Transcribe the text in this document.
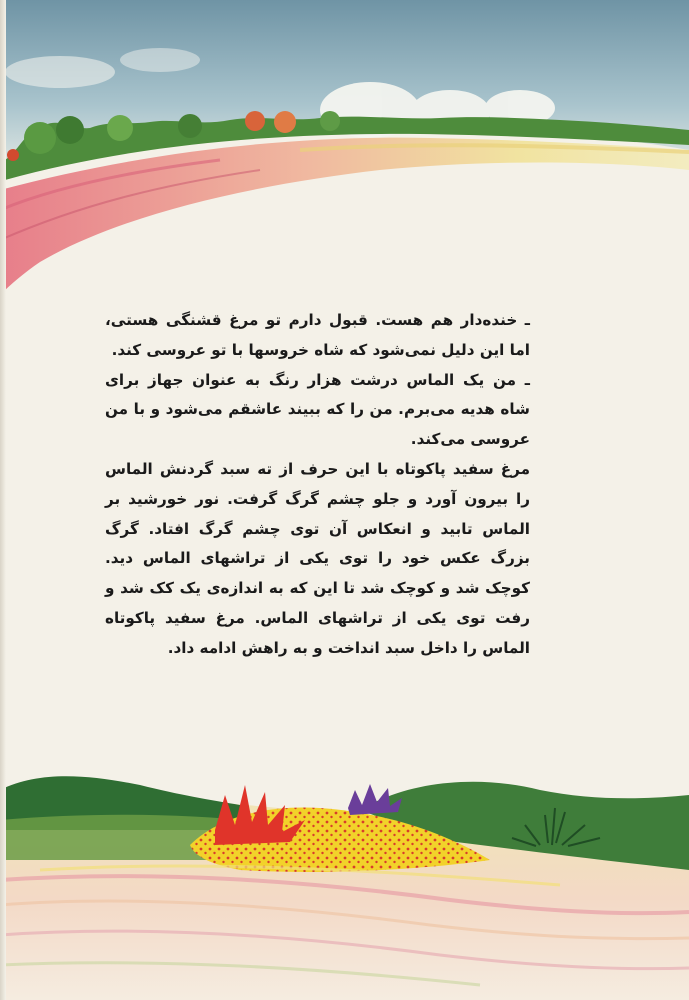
ـ خنده‌دار هم هست. قبول دارم تو مرغ قشنگی هستی، اما این دلیل نمی‌شود که شاه خروسها با تو عروسی کند.

ـ من یک الماس درشت هزار رنگ به عنوان جهاز برای شاه هدیه می‌برم. من را که ببیند عاشقم می‌شود و با من عروسی می‌کند.

مرغ سفید پاکوتاه با این حرف از ته سبد گردنش الماس را بیرون آورد و جلو چشم گرگ گرفت. نور خورشید بر الماس تابید و انعکاس آن توی چشم گرگ افتاد. گرگ بزرگ عکس خود را توی یکی از تراشهای الماس دید. کوچک شد و کوچک شد تا این که به اندازه‌ی یک کک شد و رفت توی یکی از تراشهای الماس. مرغ سفید پاکوتاه الماس را داخل سبد انداخت و به راهش ادامه داد.
